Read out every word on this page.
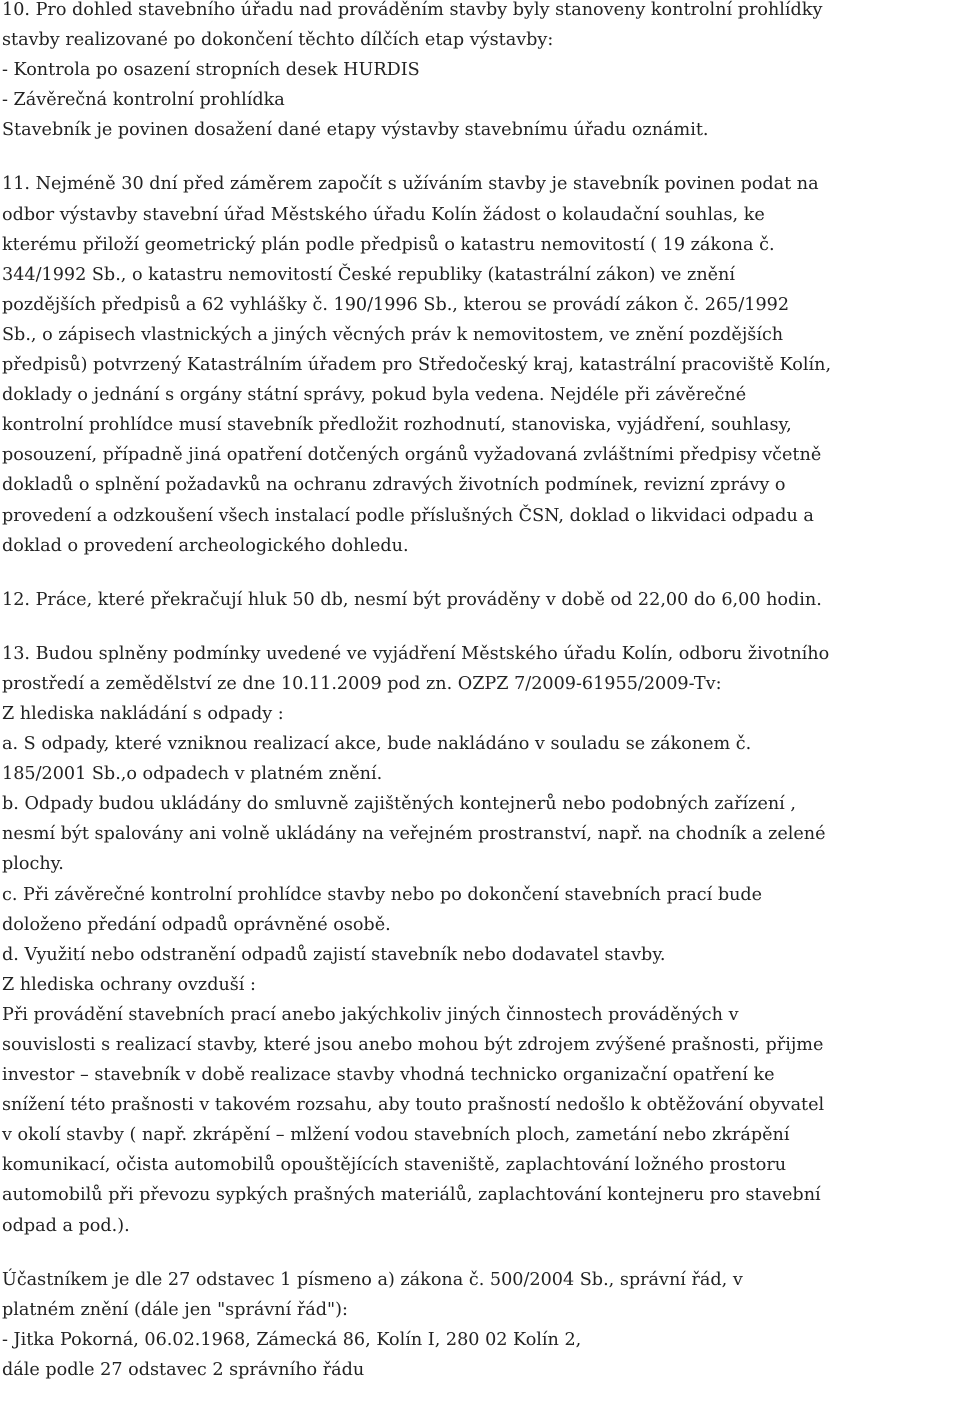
10. Pro dohled stavebního úřadu nad prováděním stavby byly stanoveny kontrolní prohlídky
stavby realizované po dokončení těchto dílčích etap výstavby:
- Kontrola po osazení stropních desek HURDIS
- Závěrečná kontrolní prohlídka
Stavebník je povinen dosažení dané etapy výstavby stavebnímu úřadu oznámit.
11. Nejméně 30 dní před záměrem započít s užíváním stavby je stavebník povinen podat na
odbor výstavby stavební úřad Městského úřadu Kolín žádost o kolaudační souhlas, ke
kterému přiloží geometrický plán podle předpisů o katastru nemovitostí ( 19 zákona č.
344/1992 Sb., o katastru nemovitostí České republiky (katastrální zákon) ve znění
pozdějších předpisů a 62 vyhlášky č. 190/1996 Sb., kterou se provádí zákon č. 265/1992
Sb., o zápisech vlastnických a jiných věcných práv k nemovitostem, ve znění pozdějších
předpisů) potvrzený Katastrálním úřadem pro Středočeský kraj, katastrální pracoviště Kolín,
doklady o jednání s orgány státní správy, pokud byla vedena. Nejdéle při závěrečné
kontrolní prohlídce musí stavebník předložit rozhodnutí, stanoviska, vyjádření, souhlasy,
posouzení, případně jiná opatření dotčených orgánů vyžadovaná zvláštními předpisy včetně
dokladů o splnění požadavků na ochranu zdravých životních podmínek, revizní zprávy o
provedení a odzkoušení všech instalací podle příslušných ČSN, doklad o likvidaci odpadu a
doklad o provedení archeologického dohledu.
12. Práce, které překračují hluk 50 db, nesmí být prováděny v době od 22,00 do 6,00 hodin.
13. Budou splněny podmínky uvedené ve vyjádření Městského úřadu Kolín, odboru životního
prostředí a zemědělství ze dne 10.11.2009 pod zn. OZPZ 7/2009-61955/2009-Tv:
Z hlediska nakládání s odpady :
a. S odpady, které vzniknou realizací akce, bude nakládáno v souladu se zákonem č.
185/2001 Sb.,o odpadech v platném znění.
b. Odpady budou ukládány do smluvně zajištěných kontejnerů nebo podobných zařízení ,
nesmí být spalovány ani volně ukládány na veřejném prostranství, např. na chodník a zelené
plochy.
c. Při závěrečné kontrolní prohlídce stavby nebo po dokončení stavebních prací bude
doloženo předání odpadů oprávněné osobě.
d. Využití nebo odstranění odpadů zajistí stavebník nebo dodavatel stavby.
Z hlediska ochrany ovzduší :
Při provádění stavebních prací anebo jakýchkoliv jiných činnostech prováděných v
souvislosti s realizací stavby, které jsou anebo mohou být zdrojem zvýšené prašnosti, přijme
investor – stavebník v době realizace stavby vhodná technicko organizační opatření ke
snížení této prašnosti v takovém rozsahu, aby touto prašností nedošlo k obtěžování obyvatel
v okolí stavby ( např. zkrápění – mlžení vodou stavebních ploch, zametání nebo zkrápění
komunikací, očista automobilů opouštějících staveniště, zaplachtování ložného prostoru
automobilů při převozu sypkých prašných materiálů, zaplachtování kontejneru pro stavební
odpad a pod.).
Účastníkem je dle 27 odstavec 1 písmeno a) zákona č. 500/2004 Sb., správní řád, v
platném znění (dále jen "správní řád"):
- Jitka Pokorná, 06.02.1968, Zámecká 86, Kolín I, 280 02 Kolín 2,
dále podle 27 odstavec 2 správního řádu
